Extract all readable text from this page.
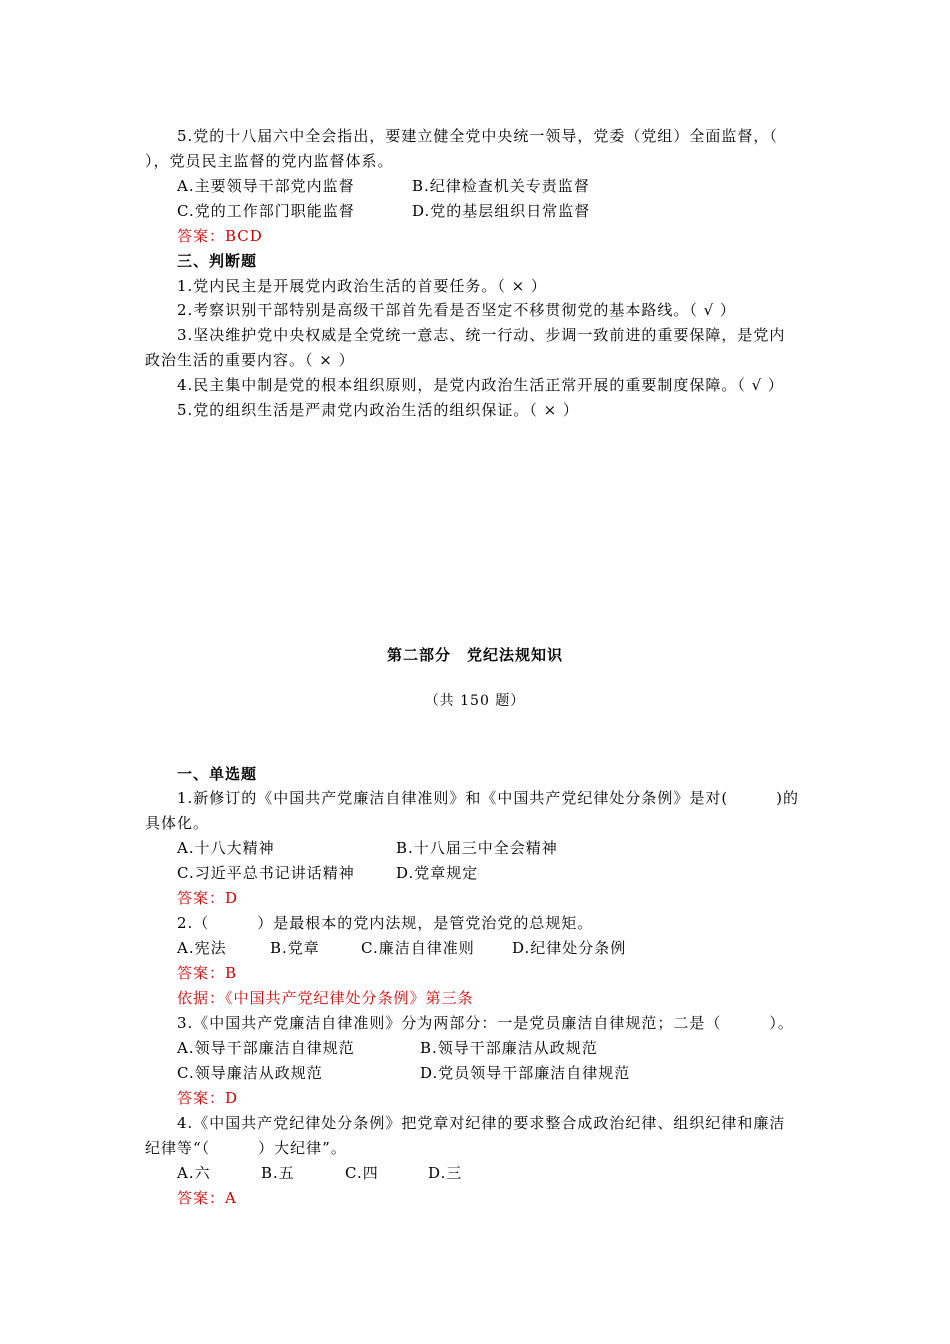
5.党的十八届六中全会指出，要建立健全党中央统一领导，党委（党组）全面监督，（
），党员民主监督的党内监督体系。
A.主要领导干部党内监督	B.纪律检查机关专责监督
C.党的工作部门职能监督	D.党的基层组织日常监督
答案：BCD
三、判断题
1.党内民主是开展党内政治生活的首要任务。（ × ）
2.考察识别干部特别是高级干部首先看是否坚定不移贯彻党的基本路线。（ √ ）
3.坚决维护党中央权威是全党统一意志、统一行动、步调一致前进的重要保障，是党内
政治生活的重要内容。（ × ）
4.民主集中制是党的根本组织原则，是党内政治生活正常开展的重要制度保障。（ √ ）
5.党的组织生活是严肃党内政治生活的组织保证。（ × ）
第二部分　党纪法规知识
（共 150 题）
一、单选题
1.新修订的《中国共产党廉洁自律准则》和《中国共产党纪律处分条例》是对(　　　)的
具体化。
A.十八大精神	B.十八届三中全会精神
C.习近平总书记讲话精神	D.党章规定
答案：D
2.（　　　）是最根本的党内法规，是管党治党的总规矩。
A.宪法	B.党章	C.廉洁自律准则 D.纪律处分条例
答案：B
依据：《中国共产党纪律处分条例》第三条
3.《中国共产党廉洁自律准则》分为两部分：一是党员廉洁自律规范；二是（　　　）。
A.领导干部廉洁自律规范	B.领导干部廉洁从政规范
C.领导廉洁从政规范	D.党员领导干部廉洁自律规范
答案：D
4.《中国共产党纪律处分条例》把党章对纪律的要求整合成政治纪律、组织纪律和廉洁
纪律等“（　　　）大纪律”。
A.六	B.五	C.四	D.三
答案：A
